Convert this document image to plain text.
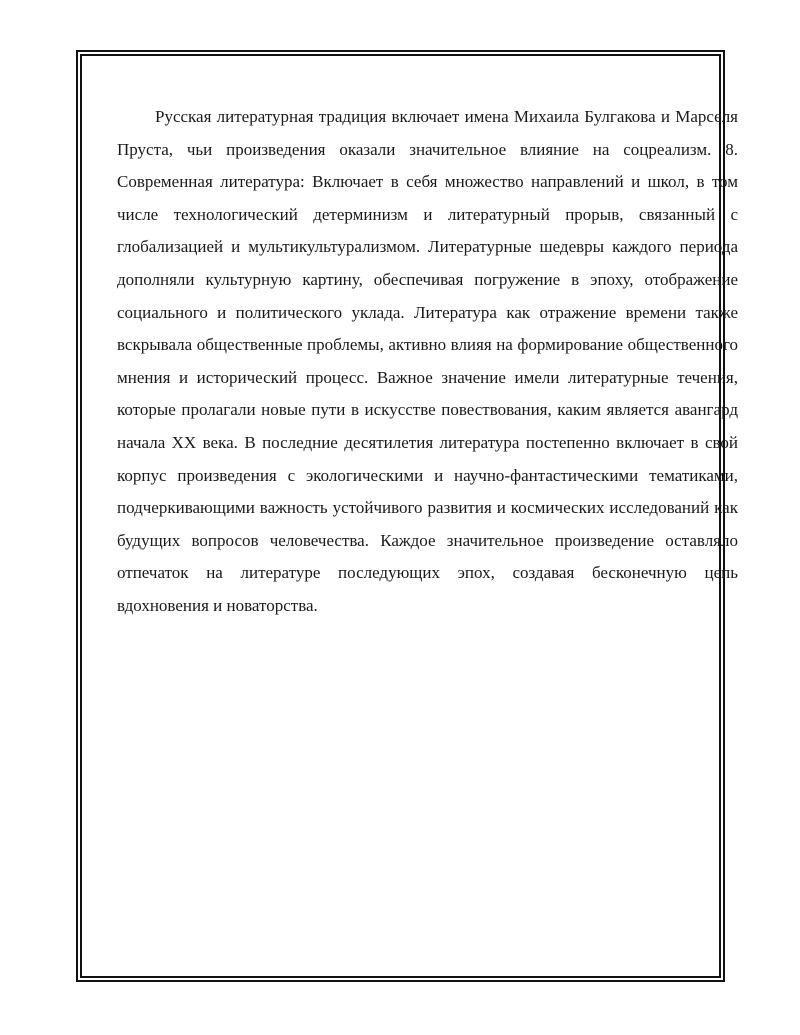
Русская литературная традиция включает имена Михаила Булгакова и Марселя Пруста, чьи произведения оказали значительное влияние на соцреализм. 8. Современная литература: Включает в себя множество направлений и школ, в том числе технологический детерминизм и литературный прорыв, связанный с глобализацией и мультикультурализмом. Литературные шедевры каждого периода дополняли культурную картину, обеспечивая погружение в эпоху, отображение социального и политического уклада. Литература как отражение времени также вскрывала общественные проблемы, активно влияя на формирование общественного мнения и исторический процесс. Важное значение имели литературные течения, которые пролагали новые пути в искусстве повествования, каким является авангард начала XX века. В последние десятилетия литература постепенно включает в свой корпус произведения с экологическими и научно-фантастическими тематиками, подчеркивающими важность устойчивого развития и космических исследований как будущих вопросов человечества. Каждое значительное произведение оставляло отпечаток на литературе последующих эпох, создавая бесконечную цепь вдохновения и новаторства.
